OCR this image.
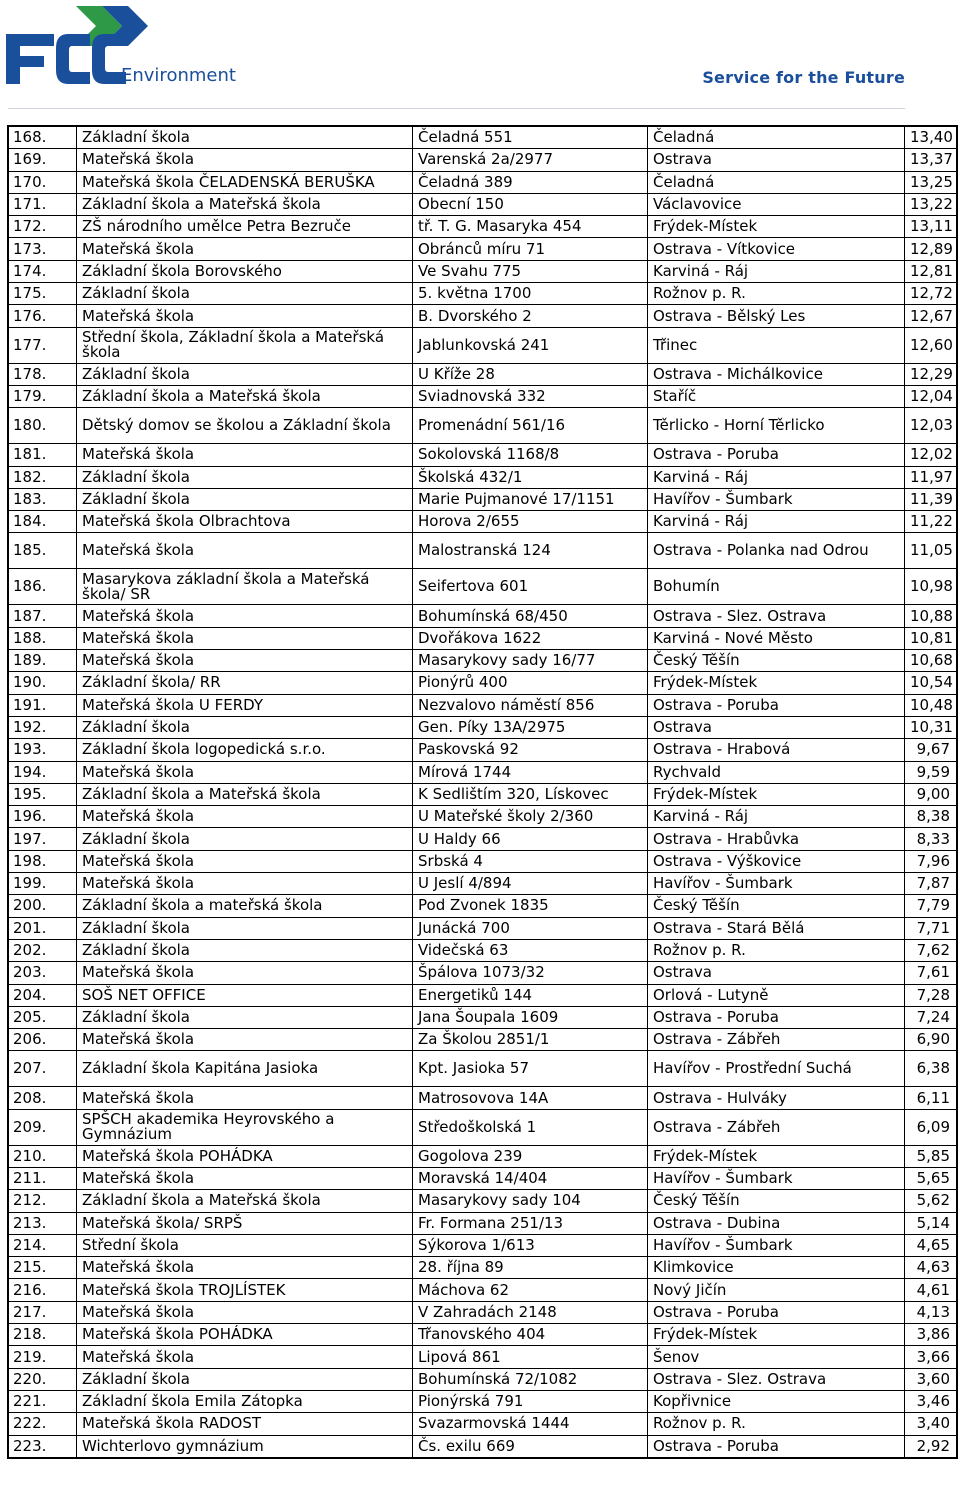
Environment	Service for the Future
168.	Základní škola	Čeladná 551	Čeladná	13,40
169.	Mateřská škola	Varenská 2a/2977	Ostrava	13,37
170.	Mateřská škola ČELADENSKÁ BERUŠKA	Čeladná 389	Čeladná	13,25
171.	Základní škola a Mateřská škola	Obecní 150	Václavovice	13,22
172.	ZŠ národního umělce Petra Bezruče	tř. T. G. Masaryka 454	Frýdek-Místek	13,11
173.	Mateřská škola	Obránců míru 71	Ostrava - Vítkovice	12,89
174.	Základní škola Borovského	Ve Svahu 775	Karviná - Ráj	12,81
175.	Základní škola	5. května 1700	Rožnov p. R.	12,72
176.	Mateřská škola	B. Dvorského 2	Ostrava - Bělský Les	12,67
177.	Střední škola, Základní škola a Mateřská škola	Jablunkovská 241	Třinec	12,60
178.	Základní škola	U Kříže 28	Ostrava - Michálkovice	12,29
179.	Základní škola a Mateřská škola	Sviadnovská 332	Staříč	12,04
180.	Dětský domov se školou a Základní škola	Promenádní 561/16	Těrlicko - Horní Těrlicko	12,03
181.	Mateřská škola	Sokolovská 1168/8	Ostrava - Poruba	12,02
182.	Základní škola	Školská 432/1	Karviná - Ráj	11,97
183.	Základní škola	Marie Pujmanové 17/1151	Havířov - Šumbark	11,39
184.	Mateřská škola Olbrachtova	Horova 2/655	Karviná - Ráj	11,22
185.	Mateřská škola	Malostranská 124	Ostrava - Polanka nad Odrou	11,05
186.	Masarykova základní škola a Mateřská škola/ SR	Seifertova 601	Bohumín	10,98
187.	Mateřská škola	Bohumínská 68/450	Ostrava - Slez. Ostrava	10,88
188.	Mateřská škola	Dvořákova 1622	Karviná - Nové Město	10,81
189.	Mateřská škola	Masarykovy sady 16/77	Český Těšín	10,68
190.	Základní škola/ RR	Pionýrů 400	Frýdek-Místek	10,54
191.	Mateřská škola U FERDY	Nezvalovo náměstí 856	Ostrava - Poruba	10,48
192.	Základní škola	Gen. Píky 13A/2975	Ostrava	10,31
193.	Základní škola logopedická s.r.o.	Paskovská 92	Ostrava - Hrabová	9,67
194.	Mateřská škola	Mírová 1744	Rychvald	9,59
195.	Základní škola a Mateřská škola	K Sedlištím 320, Lískovec	Frýdek-Místek	9,00
196.	Mateřská škola	U Mateřské školy 2/360	Karviná - Ráj	8,38
197.	Základní škola	U Haldy 66	Ostrava - Hrabůvka	8,33
198.	Mateřská škola	Srbská 4	Ostrava - Výškovice	7,96
199.	Mateřská škola	U Jeslí 4/894	Havířov - Šumbark	7,87
200.	Základní škola a mateřská škola	Pod Zvonek 1835	Český Těšín	7,79
201.	Základní škola	Junácká 700	Ostrava - Stará Bělá	7,71
202.	Základní škola	Videčská 63	Rožnov p. R.	7,62
203.	Mateřská škola	Špálova 1073/32	Ostrava	7,61
204.	SOŠ NET OFFICE	Energetiků 144	Orlová - Lutyně	7,28
205.	Základní škola	Jana Šoupala 1609	Ostrava - Poruba	7,24
206.	Mateřská škola	Za Školou 2851/1	Ostrava - Zábřeh	6,90
207.	Základní škola Kapitána Jasioka	Kpt. Jasioka 57	Havířov - Prostřední Suchá	6,38
208.	Mateřská škola	Matrosovova 14A	Ostrava - Hulváky	6,11
209.	SPŠCH akademika Heyrovského a Gymnázium	Středoškolská 1	Ostrava - Zábřeh	6,09
210.	Mateřská škola POHÁDKA	Gogolova 239	Frýdek-Místek	5,85
211.	Mateřská škola	Moravská 14/404	Havířov - Šumbark	5,65
212.	Základní škola a Mateřská škola	Masarykovy sady 104	Český Těšín	5,62
213.	Mateřská škola/ SRPŠ	Fr. Formana 251/13	Ostrava - Dubina	5,14
214.	Střední škola	Sýkorova 1/613	Havířov - Šumbark	4,65
215.	Mateřská škola	28. října 89	Klimkovice	4,63
216.	Mateřská škola TROJLÍSTEK	Máchova 62	Nový Jičín	4,61
217.	Mateřská škola	V Zahradách 2148	Ostrava - Poruba	4,13
218.	Mateřská škola POHÁDKA	Třanovského 404	Frýdek-Místek	3,86
219.	Mateřská škola	Lipová 861	Šenov	3,66
220.	Základní škola	Bohumínská 72/1082	Ostrava - Slez. Ostrava	3,60
221.	Základní škola Emila Zátopka	Pionýrská 791	Kopřivnice	3,46
222.	Mateřská škola RADOST	Svazarmovská 1444	Rožnov p. R.	3,40
223.	Wichterlovo gymnázium	Čs. exilu 669	Ostrava - Poruba	2,92
